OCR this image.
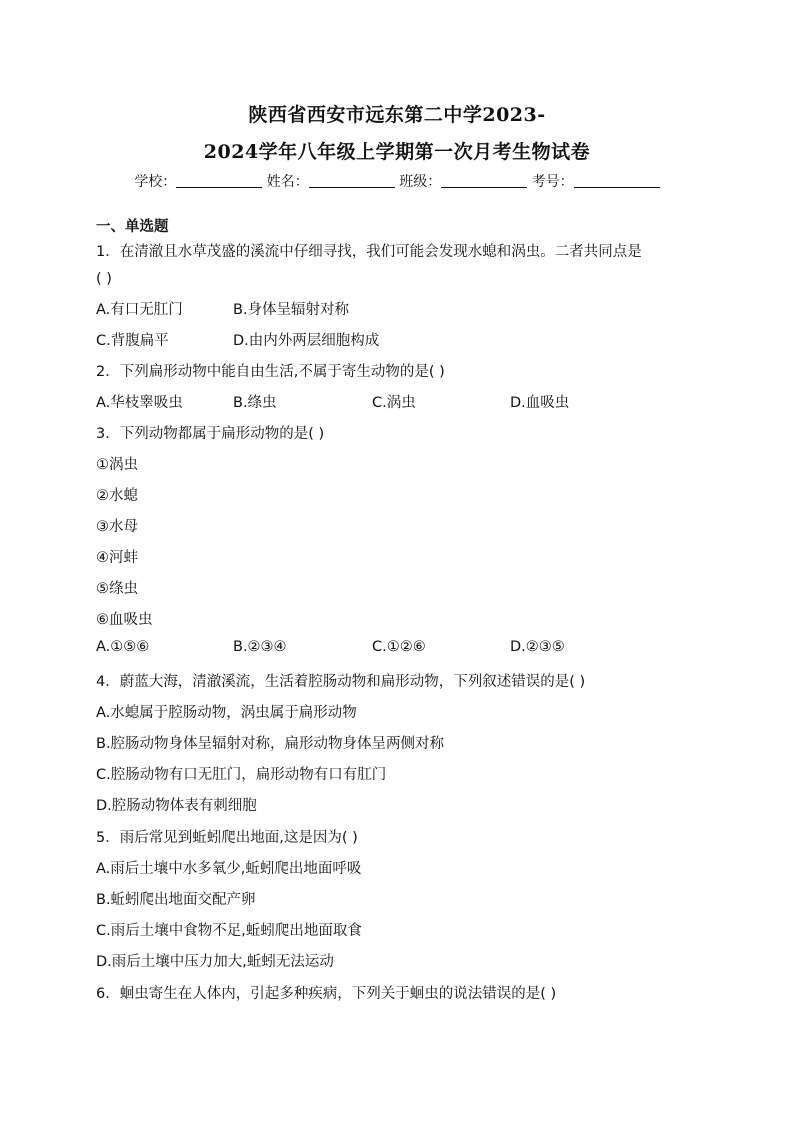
陕西省西安市远东第二中学2023-
2024学年八年级上学期第一次月考生物试卷
学校：	姓名：	班级：	考号：
一、单选题
1．在清澈且水草茂盛的溪流中仔细寻找，我们可能会发现水螅和涡虫。二者共同点是
( )
A.有口无肛门	B.身体呈辐射对称
C.背腹扁平	D.由内外两层细胞构成
2．下列扁形动物中能自由生活,不属于寄生动物的是( )
A.华枝睾吸虫	B.绦虫	C.涡虫	D.血吸虫
3．下列动物都属于扁形动物的是( )
①涡虫
②水螅
③水母
④河蚌
⑤绦虫
⑥血吸虫
A.①⑤⑥	B.②③④	C.①②⑥	D.②③⑤
4．蔚蓝大海，清澈溪流，生活着腔肠动物和扁形动物，下列叙述错误的是( )
A.水螅属于腔肠动物，涡虫属于扁形动物
B.腔肠动物身体呈辐射对称，扁形动物身体呈两侧对称
C.腔肠动物有口无肛门，扁形动物有口有肛门
D.腔肠动物体表有刺细胞
5．雨后常见到蚯蚓爬出地面,这是因为( )
A.雨后土壤中水多氧少,蚯蚓爬出地面呼吸
B.蚯蚓爬出地面交配产卵
C.雨后土壤中食物不足,蚯蚓爬出地面取食
D.雨后土壤中压力加大,蚯蚓无法运动
6．蛔虫寄生在人体内，引起多种疾病，下列关于蛔虫的说法错误的是( )
